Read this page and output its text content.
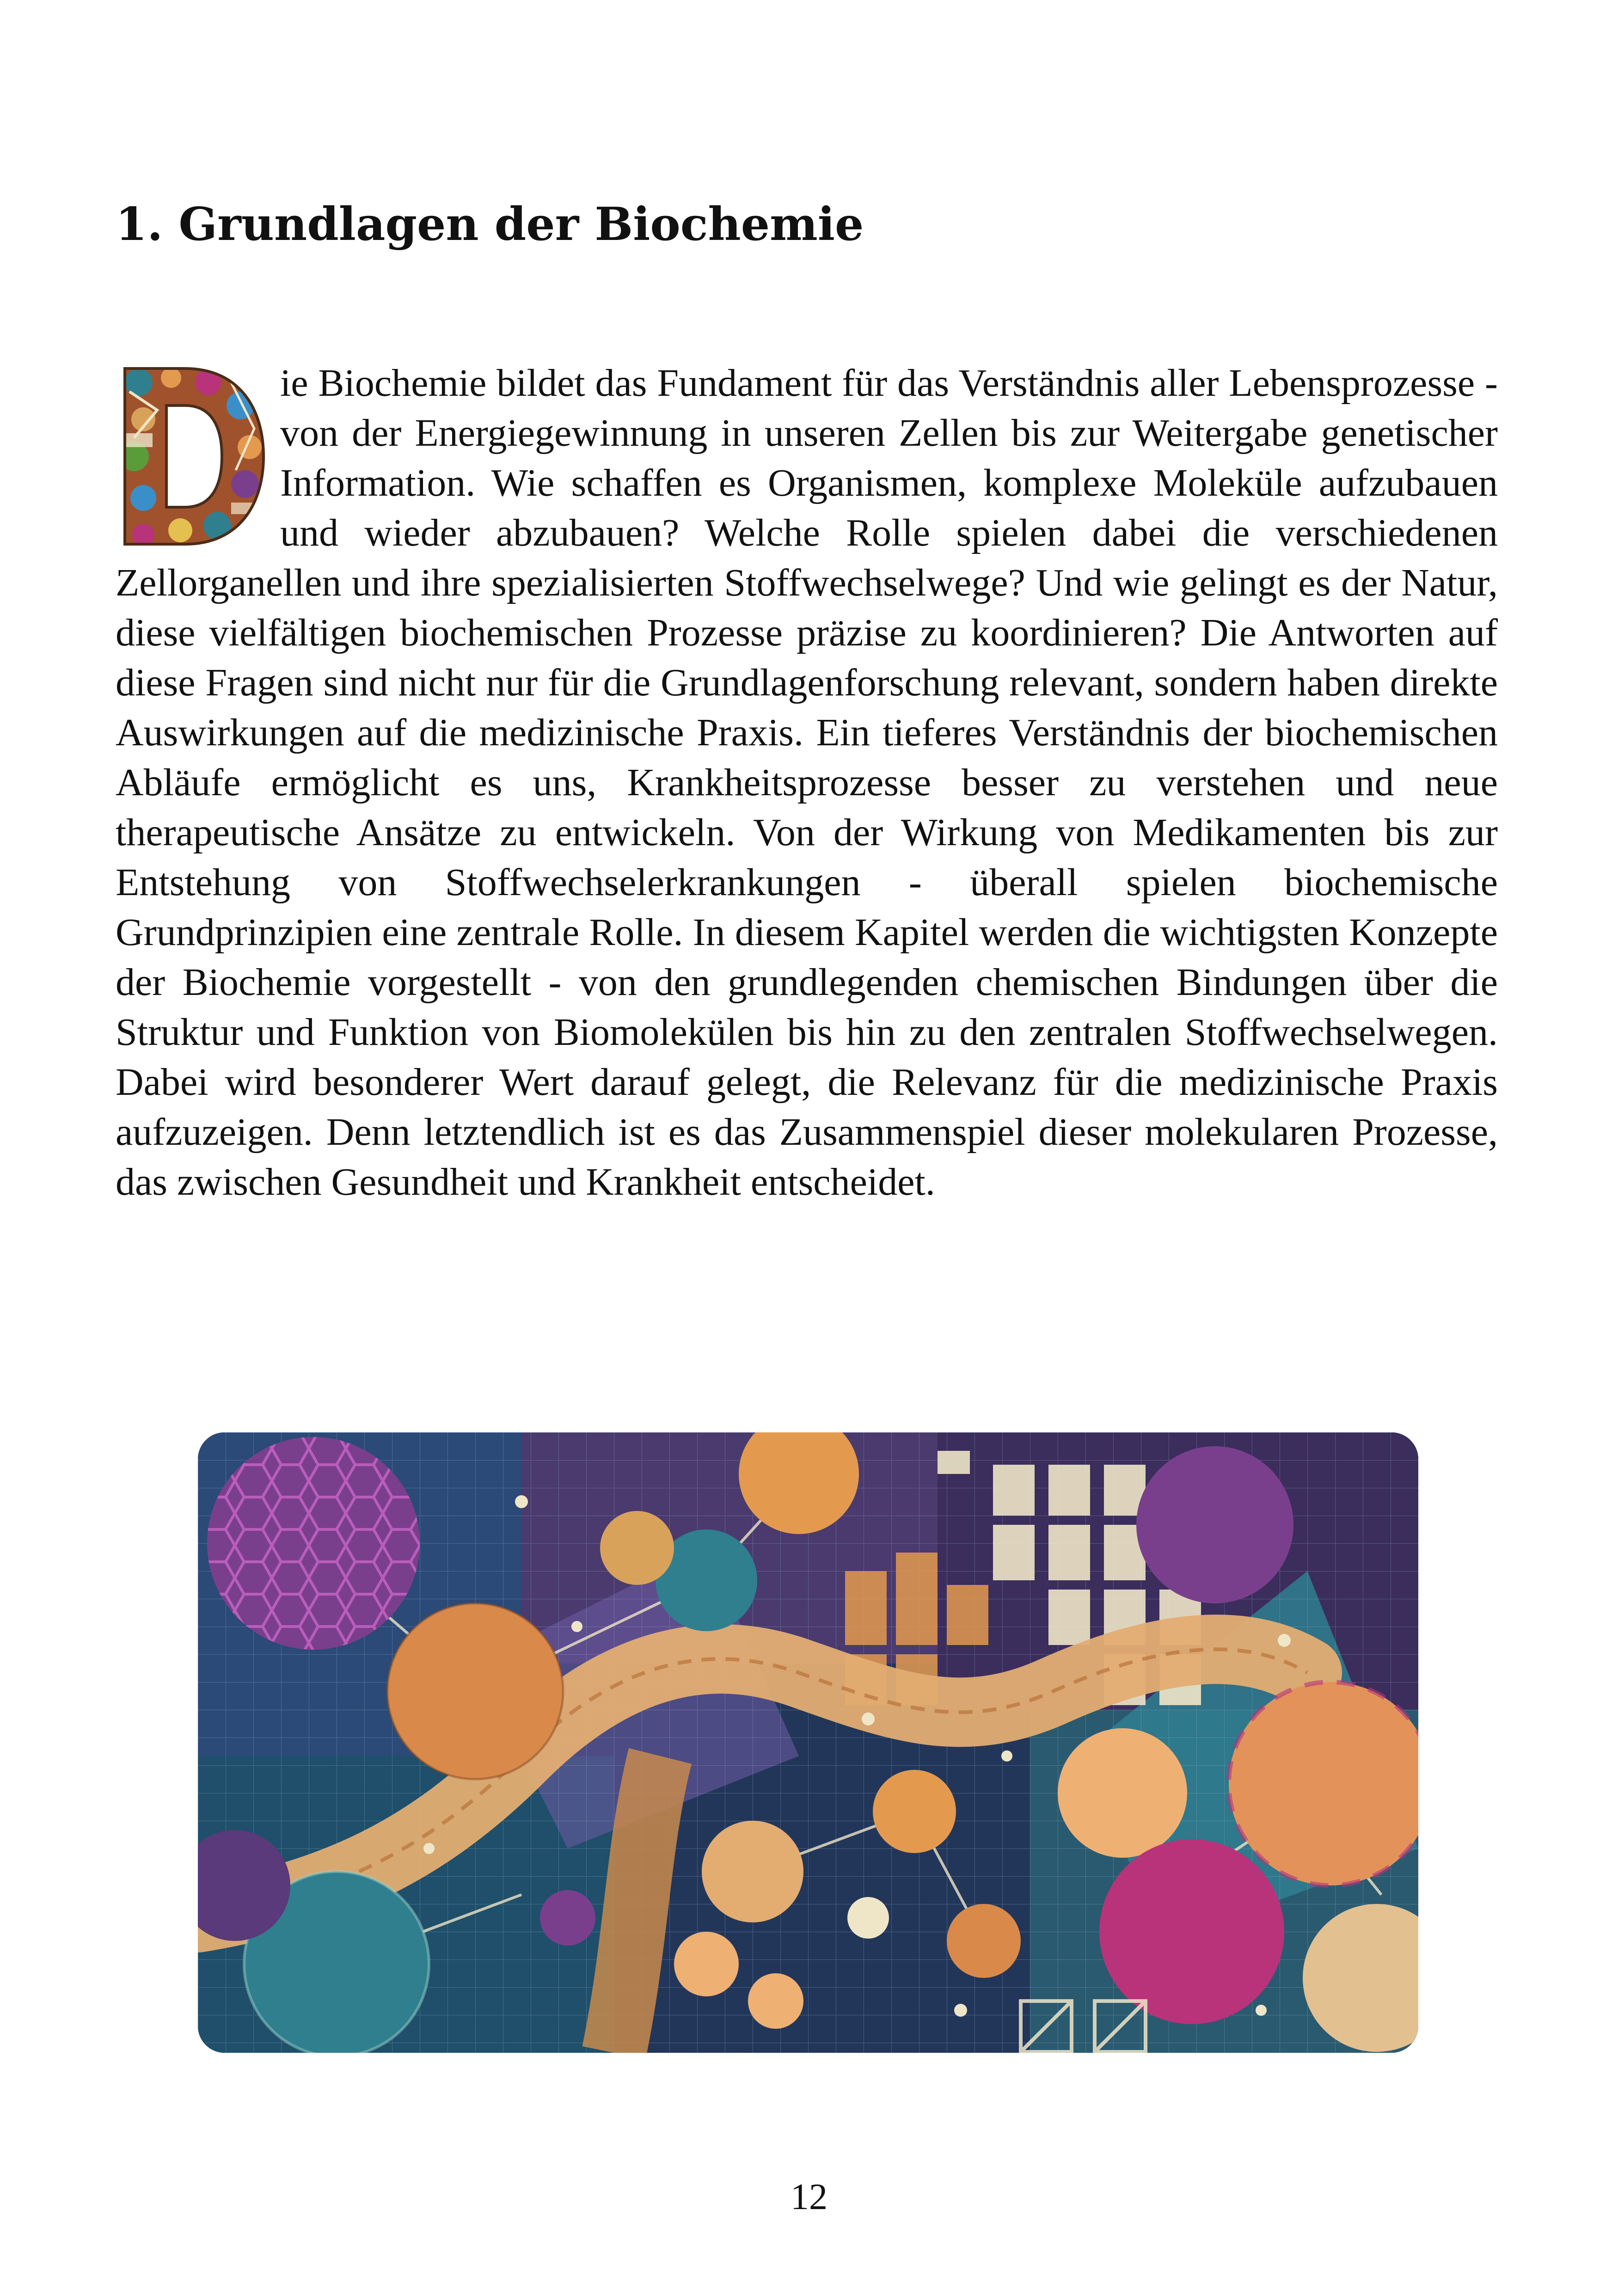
1. Grundlagen der Biochemie

ie Biochemie bildet das Fundament für das Verständnis aller Lebensprozesse - von der Energiegewinnung in unseren Zellen bis zur Weitergabe genetischer Information. Wie schaffen es Organismen, komplexe Moleküle aufzubauen und wieder abzubauen? Welche Rolle spielen dabei die verschiedenen Zellorganellen und ihre spezialisierten Stoffwechselwege? Und wie gelingt es der Natur, diese vielfältigen biochemischen Prozesse präzise zu koordinieren? Die Antworten auf diese Fragen sind nicht nur für die Grundlagenforschung relevant, sondern haben direkte Auswirkungen auf die medizinische Praxis. Ein tieferes Verständnis der biochemischen Abläufe ermöglicht es uns, Krankheitsprozesse besser zu verstehen und neue therapeutische Ansätze zu entwickeln. Von der Wirkung von Medikamenten bis zur Entstehung von Stoffwechselerkrankungen - überall spielen biochemische Grundprinzipien eine zentrale Rolle. In diesem Kapitel werden die wichtigsten Konzepte der Biochemie vorgestellt - von den grundlegenden chemischen Bindungen über die Struktur und Funktion von Biomolekülen bis hin zu den zentralen Stoffwechselwegen. Dabei wird besonderer Wert darauf gelegt, die Relevanz für die medizinische Praxis aufzuzeigen. Denn letztendlich ist es das Zusammenspiel dieser molekularen Prozesse, das zwischen Gesundheit und Krankheit entscheidet.

12
